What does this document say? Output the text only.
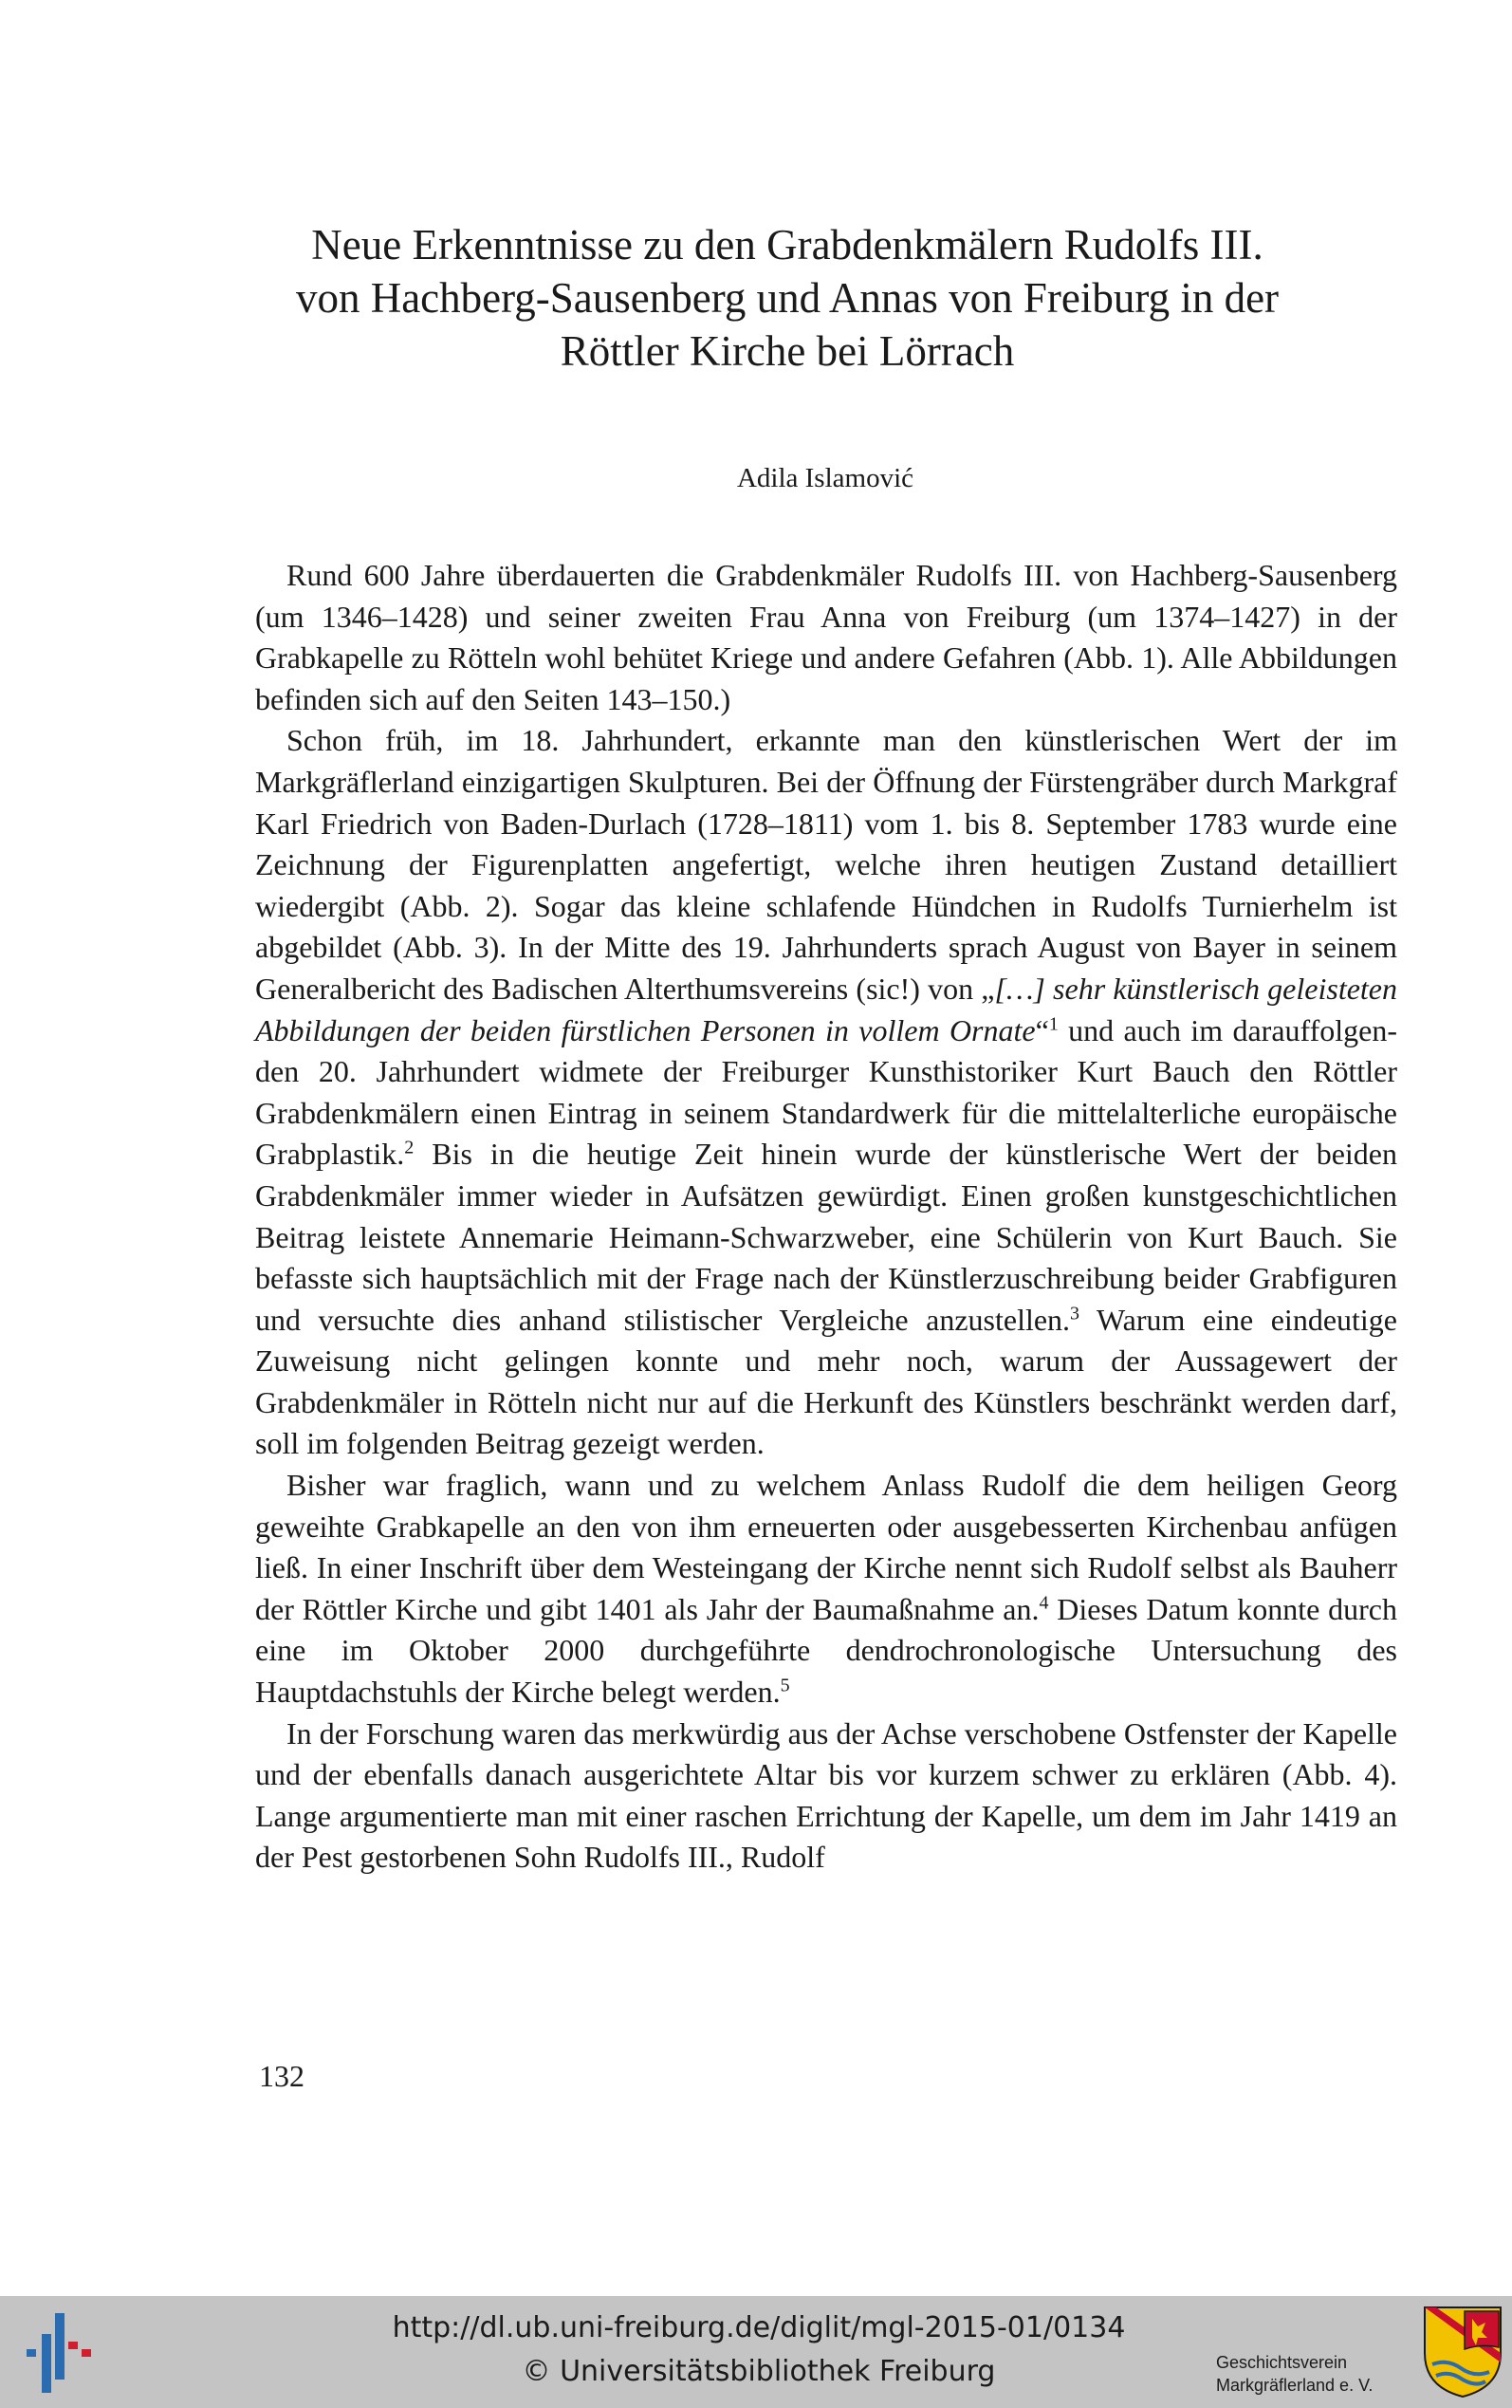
Neue Erkenntnisse zu den Grabdenkmälern Rudolfs III.
von Hachberg-Sausenberg und Annas von Freiburg in der
Röttler Kirche bei Lörrach
Adila Islamović

Rund 600 Jahre überdauerten die Grabdenkmäler Rudolfs III. von Hachberg-Sausenberg (um 1346–1428) und seiner zweiten Frau Anna von Freiburg (um 1374–1427) in der Grabkapelle zu Rötteln wohl behütet Kriege und andere Gefahren (Abb. 1). Alle Abbildungen befinden sich auf den Seiten 143–150.)

Schon früh, im 18. Jahrhundert, erkannte man den künstlerischen Wert der im Markgräflerland einzigartigen Skulpturen. Bei der Öffnung der Fürstengräber durch Markgraf Karl Friedrich von Baden-Durlach (1728–1811) vom 1. bis 8. September 1783 wurde eine Zeichnung der Figurenplatten angefertigt, welche ihren heutigen Zustand detailliert wiedergibt (Abb. 2). Sogar das kleine schlafende Hündchen in Rudolfs Turnierhelm ist abgebildet (Abb. 3). In der Mitte des 19. Jahrhunderts sprach August von Bayer in seinem Generalbericht des Badischen Alterthumsvereins (sic!) von „[…] sehr künstlerisch geleisteten Abbildungen der beiden fürstlichen Personen in vollem Ornate“$^1$ und auch im darauffolgenden 20. Jahrhundert widmete der Freiburger Kunsthistoriker Kurt Bauch den Röttler Grabdenkmälern einen Eintrag in seinem Standardwerk für die mittelalterliche europäische Grabplastik.$^2$ Bis in die heutige Zeit hinein wurde der künstlerische Wert der beiden Grabdenkmäler immer wieder in Aufsätzen gewürdigt. Einen großen kunstgeschichtlichen Beitrag leistete Annemarie Heimann-Schwarzweber, eine Schülerin von Kurt Bauch. Sie befasste sich hauptsächlich mit der Frage nach der Künstlerzuschreibung beider Grabfiguren und versuchte dies anhand stilistischer Vergleiche anzustellen.$^3$ Warum eine eindeutige Zuweisung nicht gelingen konnte und mehr noch, warum der Aussagewert der Grabdenkmäler in Rötteln nicht nur auf die Herkunft des Künstlers beschränkt werden darf, soll im folgenden Beitrag gezeigt werden.

Bisher war fraglich, wann und zu welchem Anlass Rudolf die dem heiligen Georg geweihte Grabkapelle an den von ihm erneuerten oder ausgebesserten Kirchenbau anfügen ließ. In einer Inschrift über dem Westeingang der Kirche nennt sich Rudolf selbst als Bauherr der Röttler Kirche und gibt 1401 als Jahr der Baumaßnahme an.$^4$ Dieses Datum konnte durch eine im Oktober 2000 durchgeführte dendrochronologische Untersuchung des Hauptdachstuhls der Kirche belegt werden.$^5$

In der Forschung waren das merkwürdig aus der Achse verschobene Ostfenster der Kapelle und der ebenfalls danach ausgerichtete Altar bis vor kurzem schwer zu erklären (Abb. 4). Lange argumentierte man mit einer raschen Errichtung der Kapelle, um dem im Jahr 1419 an der Pest gestorbenen Sohn Rudolfs III., Rudolf

132
http://dl.ub.uni-freiburg.de/diglit/mgl-2015-01/0134
© Universitätsbibliothek Freiburg	Geschichtsverein
Markgräflerland e. V.
